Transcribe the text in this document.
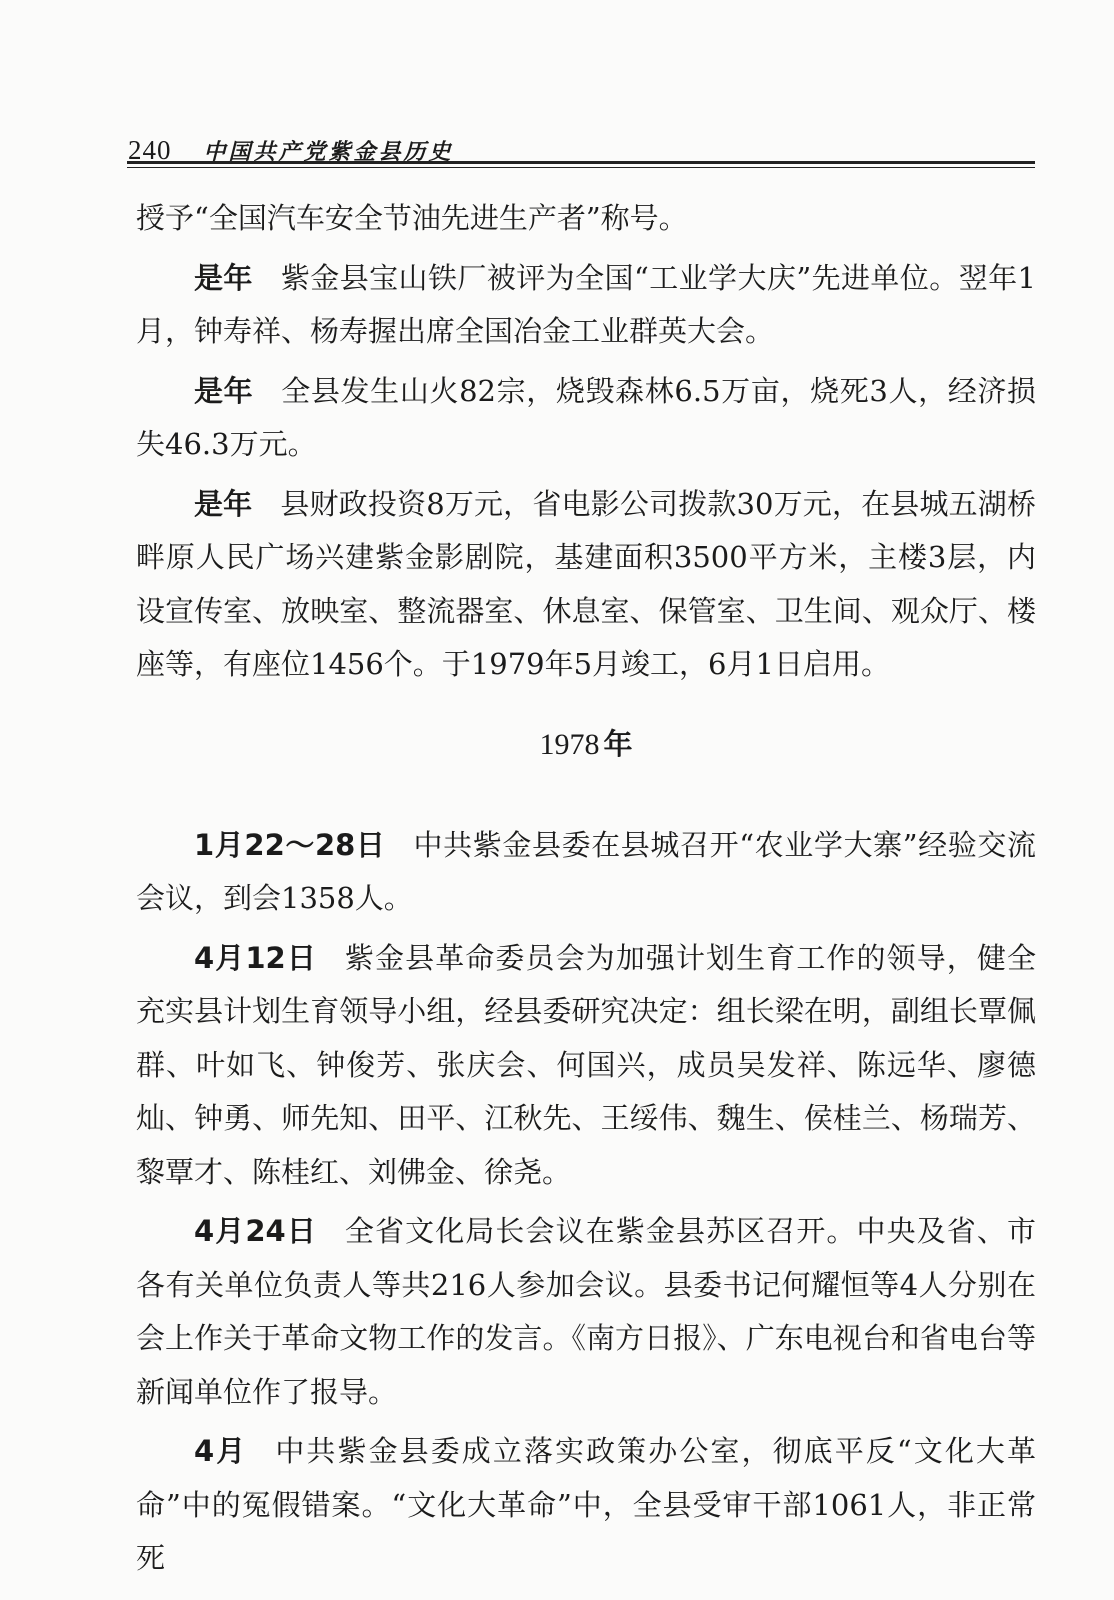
240 中国共产党紫金县历史

授予“全国汽车安全节油先进生产者”称号。

是年 紫金县宝山铁厂被评为全国“工业学大庆”先进单位。翌年1月，钟寿祥、杨寿握出席全国冶金工业群英大会。

是年 全县发生山火82宗，烧毁森林6.5万亩，烧死3人，经济损失46.3万元。

是年 县财政投资8万元，省电影公司拨款30万元，在县城五湖桥畔原人民广场兴建紫金影剧院，基建面积3500平方米，主楼3层，内设宣传室、放映室、整流器室、休息室、保管室、卫生间、观众厅、楼座等，有座位1456个。于1979年5月竣工，6月1日启用。

1978 年

1月22～28日 中共紫金县委在县城召开“农业学大寨”经验交流会议，到会1358人。

4月12日 紫金县革命委员会为加强计划生育工作的领导，健全充实县计划生育领导小组，经县委研究决定：组长梁在明，副组长覃佩群、叶如飞、钟俊芳、张庆会、何国兴，成员吴发祥、陈远华、廖德灿、钟勇、师先知、田平、江秋先、王绥伟、魏生、侯桂兰、杨瑞芳、黎覃才、陈桂红、刘佛金、徐尧。

4月24日 全省文化局长会议在紫金县苏区召开。中央及省、市各有关单位负责人等共216人参加会议。县委书记何耀恒等4人分别在会上作关于革命文物工作的发言。《南方日报》、广东电视台和省电台等新闻单位作了报导。

4月 中共紫金县委成立落实政策办公室，彻底平反“文化大革命”中的冤假错案。“文化大革命”中，全县受审干部1061人，非正常死
